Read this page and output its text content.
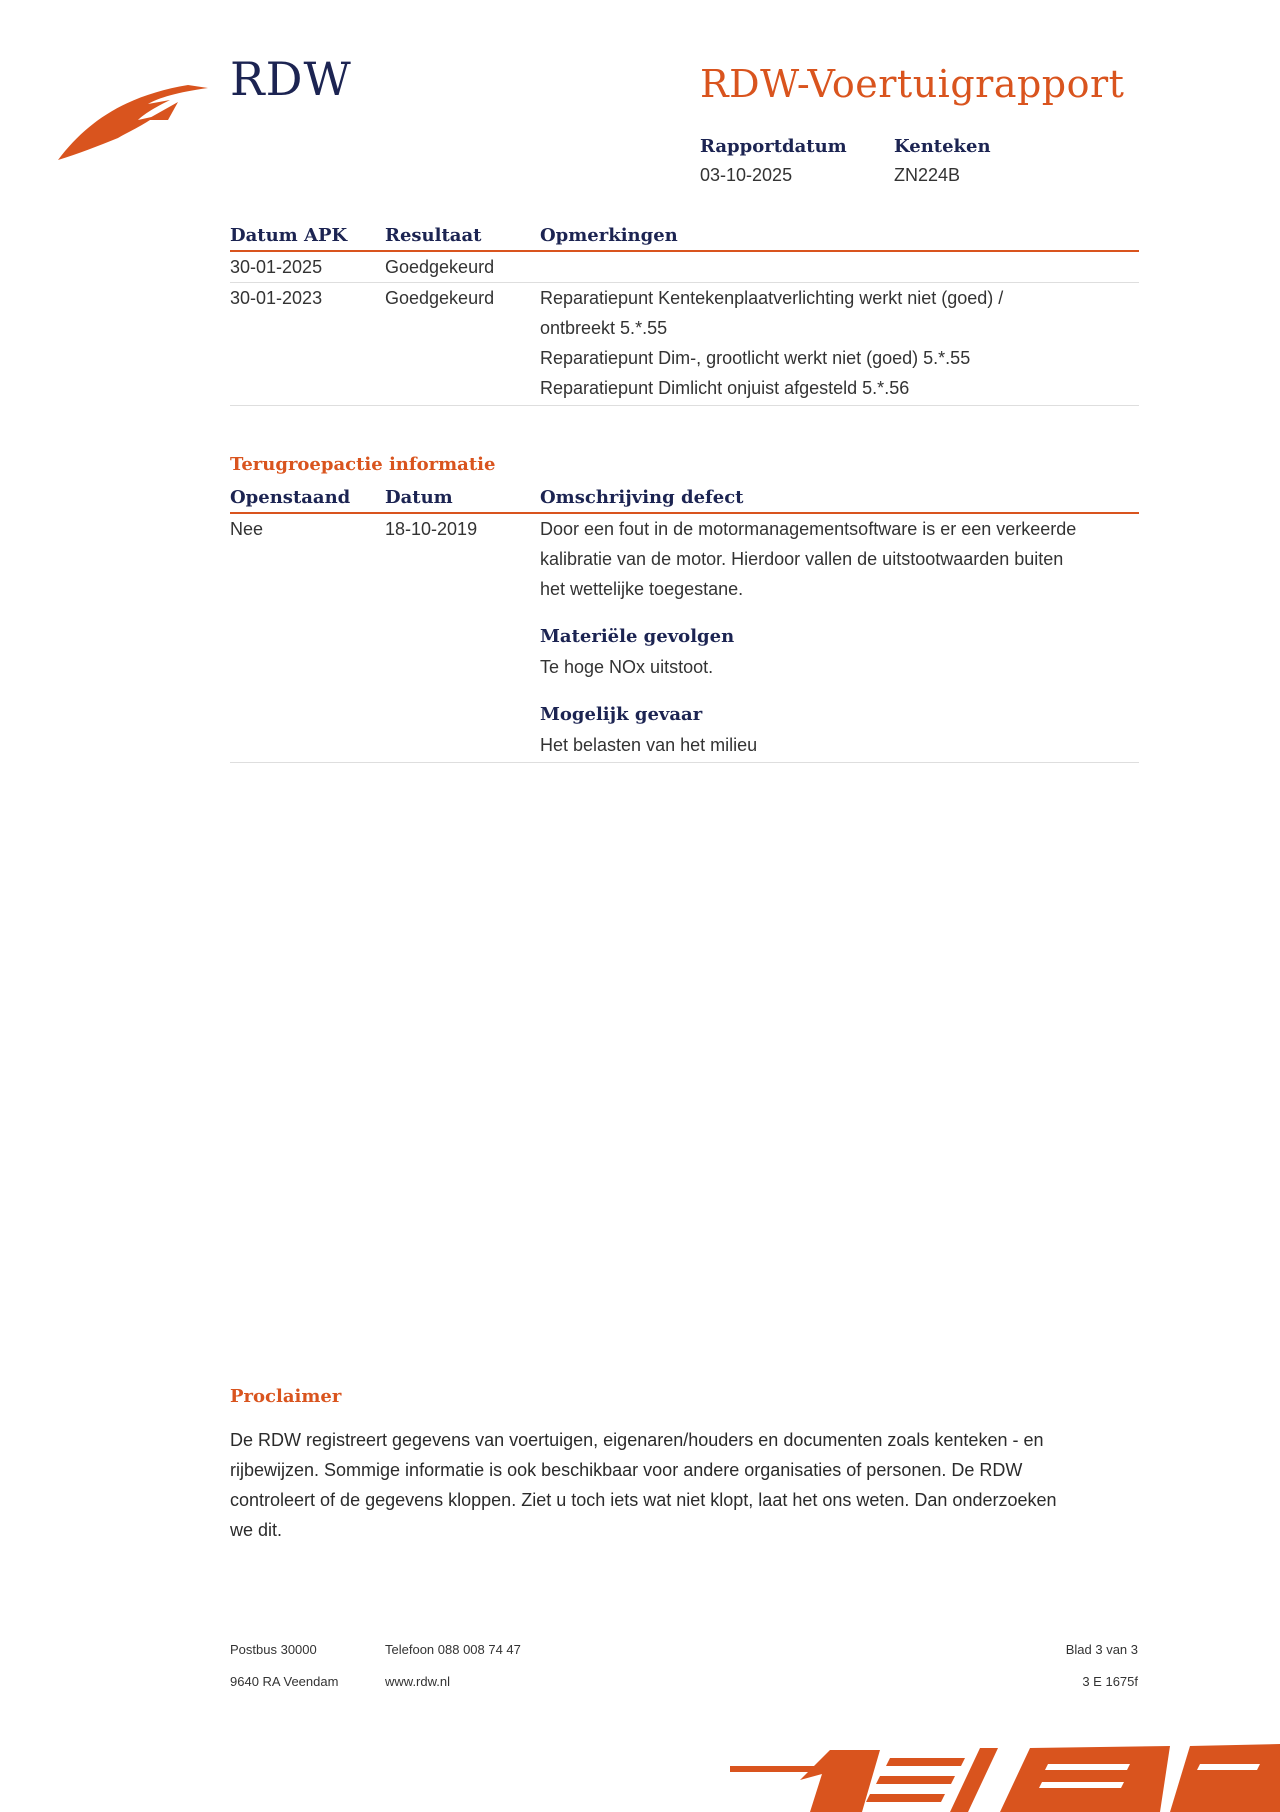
RDW	RDW-Voertuigrapport
Rapportdatum
03-10-2025
Kenteken
ZN224B
Datum APK	Resultaat	Opmerkingen
30-01-2025	Goedgekeurd
30-01-2023	Goedgekeurd	Reparatiepunt Kentekenplaatverlichting werkt niet (goed) /

ontbreekt 5.*.55

Reparatiepunt Dim-, grootlicht werkt niet (goed) 5.*.55

Reparatiepunt Dimlicht onjuist afgesteld 5.*.56

Terugroepactie informatie
Openstaand	Datum	Omschrijving defect
Nee	18-10-2019	Door een fout in de motormanagementsoftware is er een verkeerde

kalibratie van de motor. Hierdoor vallen de uitstootwaarden buiten

het wettelijke toegestane.

Materiële gevolgen

Te hoge NOx uitstoot.

Mogelijk gevaar

Het belasten van het milieu

Proclaimer
De RDW registreert gegevens van voertuigen, eigenaren/houders en documenten zoals kenteken - en
rijbewijzen. Sommige informatie is ook beschikbaar voor andere organisaties of personen. De RDW
controleert of de gegevens kloppen. Ziet u toch iets wat niet klopt, laat het ons weten. Dan onderzoeken
we dit.
Postbus 30000
9640 RA Veendam
Telefoon 088 008 74 47
www.rdw.nl
Blad 3 van 3
3 E 1675f
